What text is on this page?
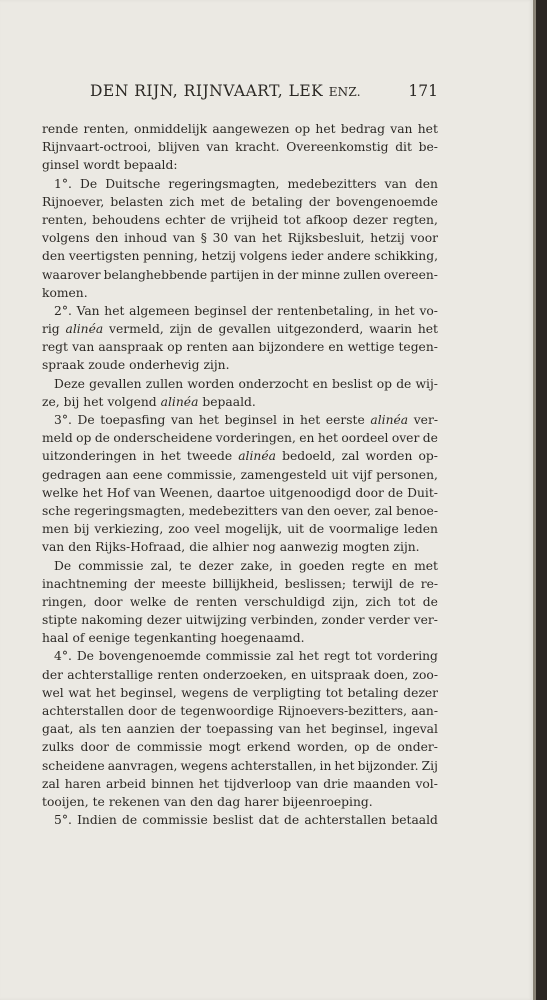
DEN RIJN, RIJNVAART, LEK ENZ.	171
rende renten, onmiddelijk aangewezen op het bedrag van het
Rijnvaart-octrooi, blijven van kracht. Overeenkomstig dit be-
ginsel wordt bepaald:
1°. De Duitsche regeringsmagten, medebezitters van den
Rijnoever, belasten zich met de betaling der bovengenoemde
renten, behoudens echter de vrijheid tot afkoop dezer regten,
volgens den inhoud van § 30 van het Rijksbesluit, hetzij voor
den veertigsten penning, hetzij volgens ieder andere schikking,
waarover belanghebbende partijen in der minne zullen overeen-
komen.
2°. Van het algemeen beginsel der rentenbetaling, in het vo-
rig alinéa vermeld, zijn de gevallen uitgezonderd, waarin het
regt van aanspraak op renten aan bijzondere en wettige tegen-
spraak zoude onderhevig zijn.
Deze gevallen zullen worden onderzocht en beslist op de wij-
ze, bij het volgend alinéa bepaald.
3°. De toepasfing van het beginsel in het eerste alinéa ver-
meld op de onderscheidene vorderingen, en het oordeel over de
uitzonderingen in het tweede alinéa bedoeld, zal worden op-
gedragen aan eene commissie, zamengesteld uit vijf personen,
welke het Hof van Weenen, daartoe uitgenoodigd door de Duit-
sche regeringsmagten, medebezitters van den oever, zal benoe-
men bij verkiezing, zoo veel mogelijk, uit de voormalige leden
van den Rijks-Hofraad, die alhier nog aanwezig mogten zijn.
De commissie zal, te dezer zake, in goeden regte en met
inachtneming der meeste billijkheid, beslissen; terwijl de re-
ringen, door welke de renten verschuldigd zijn, zich tot de
stipte nakoming dezer uitwijzing verbinden, zonder verder ver-
haal of eenige tegenkanting hoegenaamd.
4°. De bovengenoemde commissie zal het regt tot vordering
der achterstallige renten onderzoeken, en uitspraak doen, zoo-
wel wat het beginsel, wegens de verpligting tot betaling dezer
achterstallen door de tegenwoordige Rijnoevers-bezitters, aan-
gaat, als ten aanzien der toepassing van het beginsel, ingeval
zulks door de commissie mogt erkend worden, op de onder-
scheidene aanvragen, wegens achterstallen, in het bijzonder. Zij
zal haren arbeid binnen het tijdverloop van drie maanden vol-
tooijen, te rekenen van den dag harer bijeenroeping.
5°. Indien de commissie beslist dat de achterstallen betaald
